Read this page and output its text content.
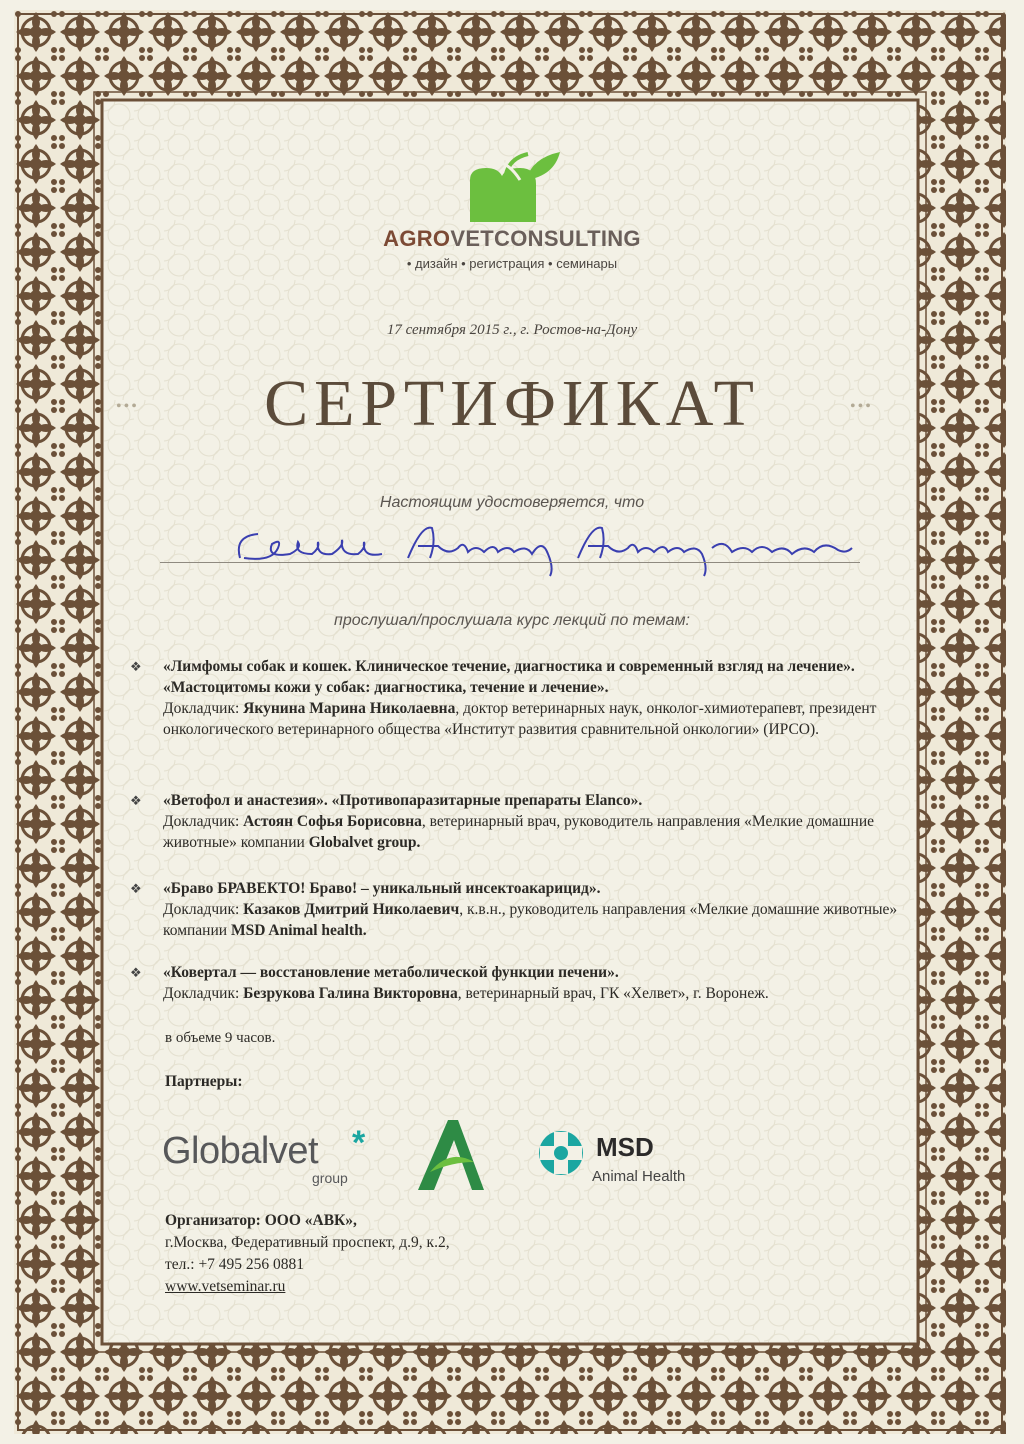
AGROVETCONSULTING
• дизайн • регистрация • семинары
17 сентября 2015 г., г. Ростов-на-Дону
•••	СЕРТИФИКАТ	•••
Настоящим удостоверяется, что
прослушал/прослушала курс лекций по темам:
❖ «Лимфомы собак и кошек. Клиническое течение, диагностика и современный взгляд на лечение». «Мастоцитомы кожи у собак: диагностика, течение и лечение».
Докладчик: Якунина Марина Николаевна, доктор ветеринарных наук, онколог-химиотерапевт, президент онкологического ветеринарного общества «Институт развития сравнительной онкологии» (ИРСО).
❖ «Ветофол и анастезия». «Противопаразитарные препараты Elanco».
Докладчик: Астоян Софья Борисовна, ветеринарный врач, руководитель направления «Мелкие домашние животные» компании Globalvet group.
❖ «Браво БРАВЕКТО! Браво! – уникальный инсектоакарицид».
Докладчик: Казаков Дмитрий Николаевич, к.в.н., руководитель направления «Мелкие домашние животные» компании MSD Animal health.
❖ «Ковертал — восстановление метаболической функции печени».
Докладчик: Безрукова Галина Викторовна, ветеринарный врач, ГК «Хелвет», г. Воронеж.
в объеме 9 часов.
Партнеры:
Globalvet *
group
MSD
Animal Health
Организатор: ООО «АВК»,
г.Москва, Федеративный проспект, д.9, к.2,
тел.: +7 495 256 0881
www.vetseminar.ru
